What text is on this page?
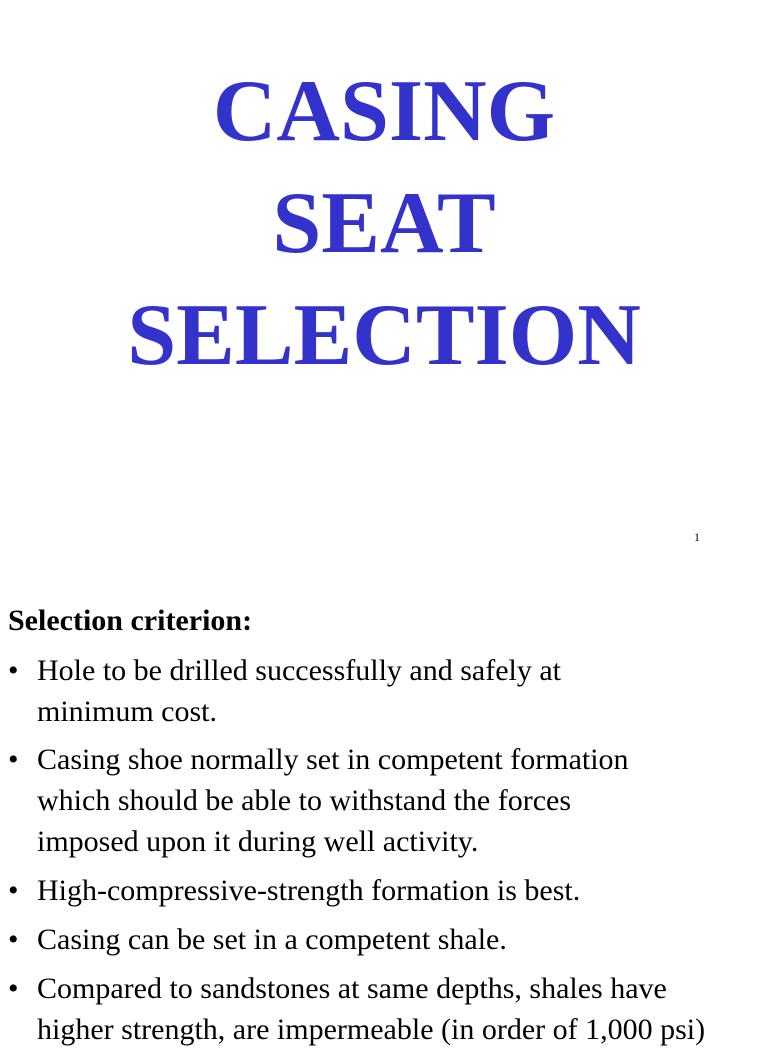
CASING
SEAT
SELECTION
1
Selection criterion:
• Hole to be drilled successfully and safely at
minimum cost.
• Casing shoe normally set in competent formation
which should be able to withstand the forces
imposed upon it during well activity.
• High-compressive-strength formation is best.
• Casing can be set in a competent shale.
• Compared to sandstones at same depths, shales have
higher strength, are impermeable (in order of 1,000 psi)
